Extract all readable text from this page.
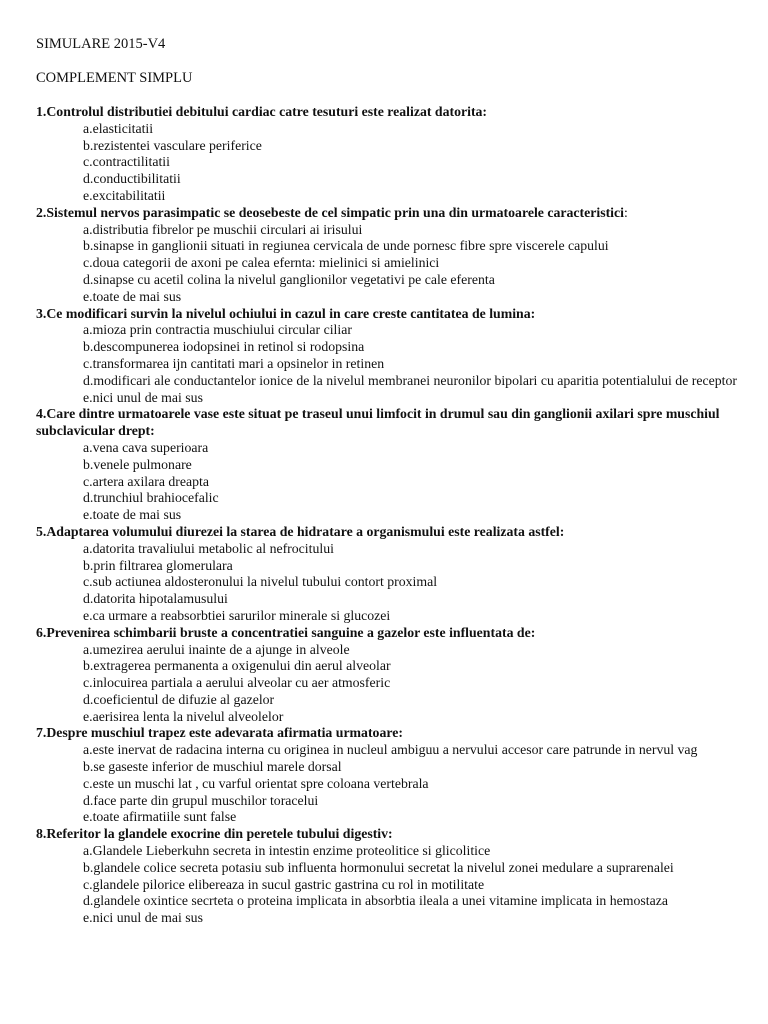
SIMULARE 2015-V4

COMPLEMENT SIMPLU

1.Controlul distributiei debitului cardiac catre tesuturi este realizat datorita:

a.elasticitatii

b.rezistentei vasculare periferice

c.contractilitatii

d.conductibilitatii

e.excitabilitatii

2.Sistemul nervos parasimpatic se deosebeste de cel simpatic prin una din urmatoarele caracteristici:

a.distributia fibrelor pe muschii circulari ai irisului

b.sinapse in ganglionii situati in regiunea cervicala de unde pornesc fibre spre viscerele capului

c.doua categorii de axoni pe calea efernta: mielinici si amielinici

d.sinapse cu acetil colina la nivelul ganglionilor vegetativi pe cale eferenta

e.toate de mai sus

3.Ce modificari survin la nivelul ochiului in cazul in care creste cantitatea de lumina:

a.mioza prin contractia muschiului circular ciliar

b.descompunerea iodopsinei in retinol si rodopsina

c.transformarea ijn cantitati mari a opsinelor in retinen

d.modificari ale conductantelor ionice de la nivelul membranei neuronilor bipolari cu aparitia potentialului de receptor

e.nici unul de mai sus

4.Care dintre urmatoarele vase este situat pe traseul unui limfocit in drumul sau din ganglionii axilari spre muschiul subclavicular drept:

a.vena cava superioara

b.venele pulmonare

c.artera axilara dreapta

d.trunchiul brahiocefalic

e.toate de mai sus

5.Adaptarea volumului diurezei la starea de hidratare a organismului este realizata astfel:

a.datorita travaliului metabolic al nefrocitului

b.prin filtrarea glomerulara

c.sub actiunea aldosteronului la nivelul tubului contort proximal

d.datorita hipotalamusului

e.ca urmare a reabsorbtiei sarurilor minerale si glucozei

6.Prevenirea schimbarii bruste a concentratiei sanguine a gazelor este influentata de:

a.umezirea aerului inainte de a ajunge in alveole

b.extragerea permanenta a oxigenului din aerul alveolar

c.inlocuirea partiala a aerului alveolar cu aer atmosferic

d.coeficientul de difuzie al gazelor

e.aerisirea lenta la nivelul alveolelor

7.Despre muschiul trapez este adevarata afirmatia urmatoare:

a.este inervat de radacina interna cu originea in nucleul ambiguu a nervului accesor care patrunde in nervul vag

b.se gaseste inferior de muschiul marele dorsal

c.este un muschi lat , cu varful orientat spre coloana vertebrala

d.face parte din grupul muschilor toracelui

e.toate afirmatiile sunt false

8.Referitor la glandele exocrine din peretele tubului digestiv:

a.Glandele Lieberkuhn secreta in intestin enzime proteolitice si glicolitice

b.glandele colice secreta potasiu sub influenta hormonului secretat la nivelul zonei medulare a suprarenalei

c.glandele pilorice elibereaza in sucul gastric gastrina cu rol in motilitate

d.glandele oxintice secrteta o proteina implicata in absorbtia ileala a unei vitamine implicata in hemostaza

e.nici unul de mai sus
